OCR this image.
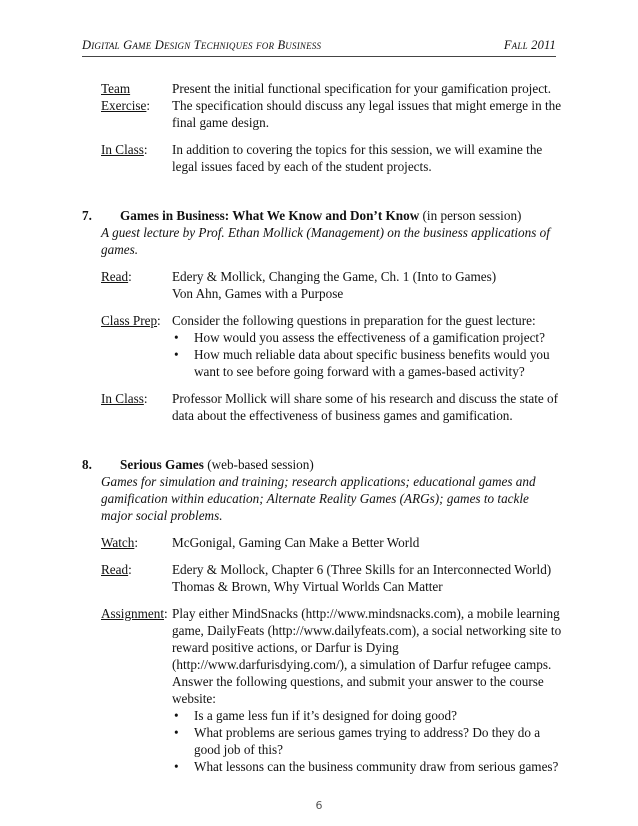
Digital Game Design Techniques for Business	Fall 2011
Team Exercise:
Present the initial functional specification for your gamification project. The specification should discuss any legal issues that might emerge in the final game design.
In Class:	In addition to covering the topics for this session, we will examine the legal issues faced by each of the student projects.
7.	Games in Business: What We Know and Don’t Know (in person session)
A guest lecture by Prof. Ethan Mollick (Management) on the business applications of games.
Read:	Edery & Mollick, Changing the Game, Ch. 1 (Into to Games)
Von Ahn, Games with a Purpose
Class Prep: Consider the following questions in preparation for the guest lecture:
• How would you assess the effectiveness of a gamification project?
• How much reliable data about specific business benefits would you want to see before going forward with a games-based activity?
In Class:	Professor Mollick will share some of his research and discuss the state of data about the effectiveness of business games and gamification.
8.	Serious Games (web-based session)
Games for simulation and training; research applications; educational games and gamification within education; Alternate Reality Games (ARGs); games to tackle major social problems.
Watch:	McGonigal, Gaming Can Make a Better World
Read:	Edery & Mollock, Chapter 6 (Three Skills for an Interconnected World)
Thomas & Brown, Why Virtual Worlds Can Matter
Assignment: Play either MindSnacks (http://www.mindsnacks.com), a mobile learning game, DailyFeats (http://www.dailyfeats.com), a social networking site to reward positive actions, or Darfur is Dying (http://www.darfurisdying.com/), a simulation of Darfur refugee camps. Answer the following questions, and submit your answer to the course website:
• Is a game less fun if it’s designed for doing good?
• What problems are serious games trying to address? Do they do a good job of this?
• What lessons can the business community draw from serious games?
6
